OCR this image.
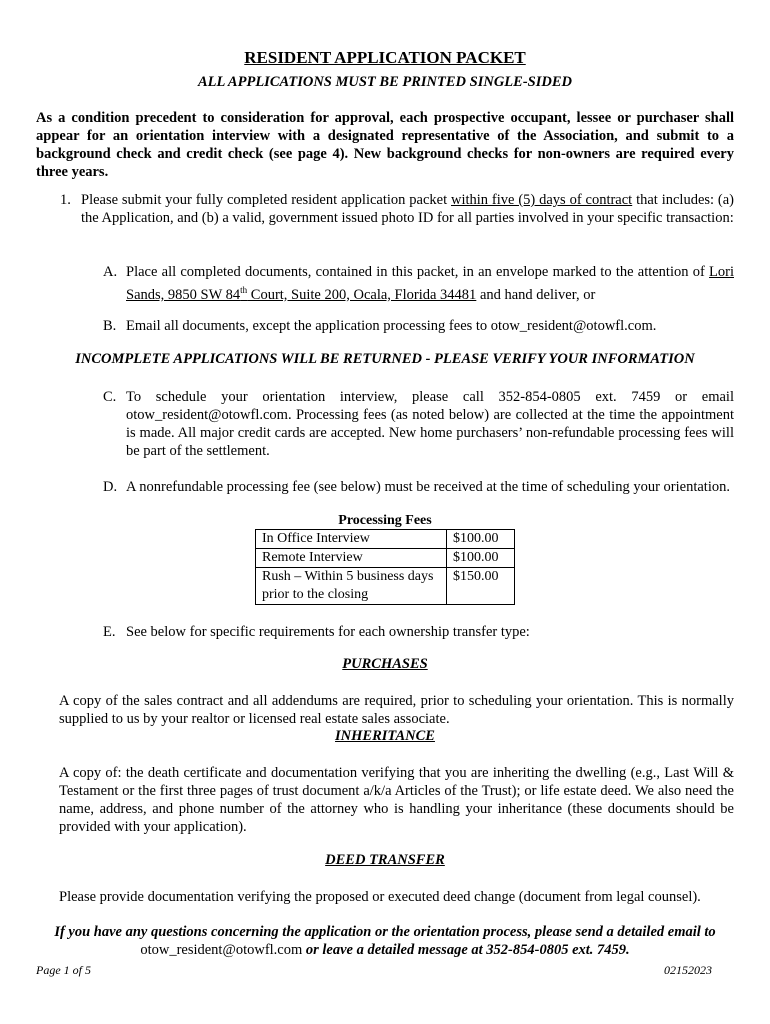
RESIDENT APPLICATION PACKET

ALL APPLICATIONS MUST BE PRINTED SINGLE-SIDED

As a condition precedent to consideration for approval, each prospective occupant, lessee or purchaser shall appear for an orientation interview with a designated representative of the Association, and submit to a background check and credit check (see page 4). New background checks for non-owners are required every three years.

1. Please submit your fully completed resident application packet within five (5) days of contract that includes: (a) the Application, and (b) a valid, government issued photo ID for all parties involved in your specific transaction:

A. Place all completed documents, contained in this packet, in an envelope marked to the attention of Lori Sands, 9850 SW 84th Court, Suite 200, Ocala, Florida 34481 and hand deliver, or

B. Email all documents, except the application processing fees to otow_resident@otowfl.com.

INCOMPLETE APPLICATIONS WILL BE RETURNED - PLEASE VERIFY YOUR INFORMATION

C. To schedule your orientation interview, please call 352-854-0805 ext. 7459 or email otow_resident@otowfl.com. Processing fees (as noted below) are collected at the time the appointment is made. All major credit cards are accepted. New home purchasers’ non-refundable processing fees will be part of the settlement.

D. A nonrefundable processing fee (see below) must be received at the time of scheduling your orientation.

Processing Fees

In Office Interview	$100.00
Remote Interview	$100.00
Rush – Within 5 business days prior to the closing	$150.00

E. See below for specific requirements for each ownership transfer type:

PURCHASES

A copy of the sales contract and all addendums are required, prior to scheduling your orientation. This is normally supplied to us by your realtor or licensed real estate sales associate.

INHERITANCE

A copy of: the death certificate and documentation verifying that you are inheriting the dwelling (e.g., Last Will & Testament or the first three pages of trust document a/k/a Articles of the Trust); or life estate deed. We also need the name, address, and phone number of the attorney who is handling your inheritance (these documents should be provided with your application).

DEED TRANSFER

Please provide documentation verifying the proposed or executed deed change (document from legal counsel).

If you have any questions concerning the application or the orientation process, please send a detailed email to
otow_resident@otowfl.com or leave a detailed message at 352-854-0805 ext. 7459.

Page 1 of 5	02152023
